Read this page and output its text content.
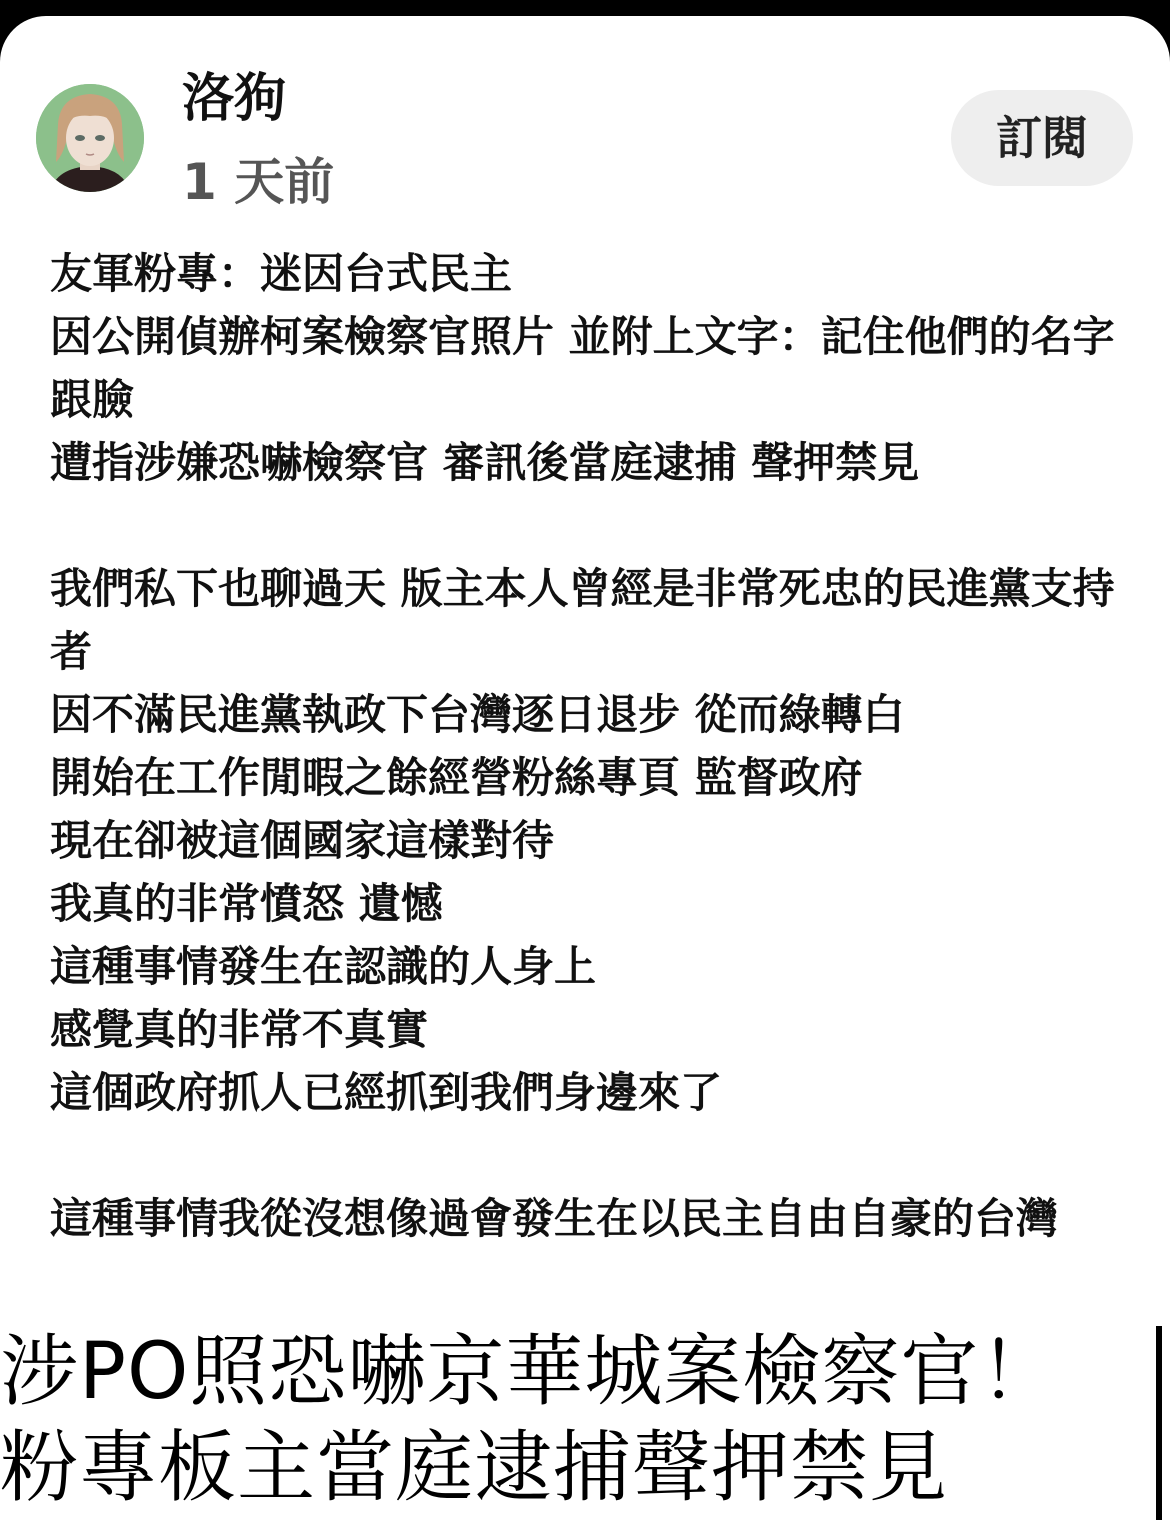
洛狗
1 天前
訂閱

友軍粉專：迷因台式民主

因公開偵辦柯案檢察官照片 並附上文字：記住他們的名字跟臉

遭指涉嫌恐嚇檢察官 審訊後當庭逮捕 聲押禁見

我們私下也聊過天 版主本人曾經是非常死忠的民進黨支持者

因不滿民進黨執政下台灣逐日退步 從而綠轉白

開始在工作閒暇之餘經營粉絲專頁 監督政府

現在卻被這個國家這樣對待

我真的非常憤怒 遺憾

這種事情發生在認識的人身上

感覺真的非常不真實

這個政府抓人已經抓到我們身邊來了

這種事情我從沒想像過會發生在以民主自由自豪的台灣

涉PO照恐嚇京華城案檢察官！
粉專板主當庭逮捕聲押禁見
